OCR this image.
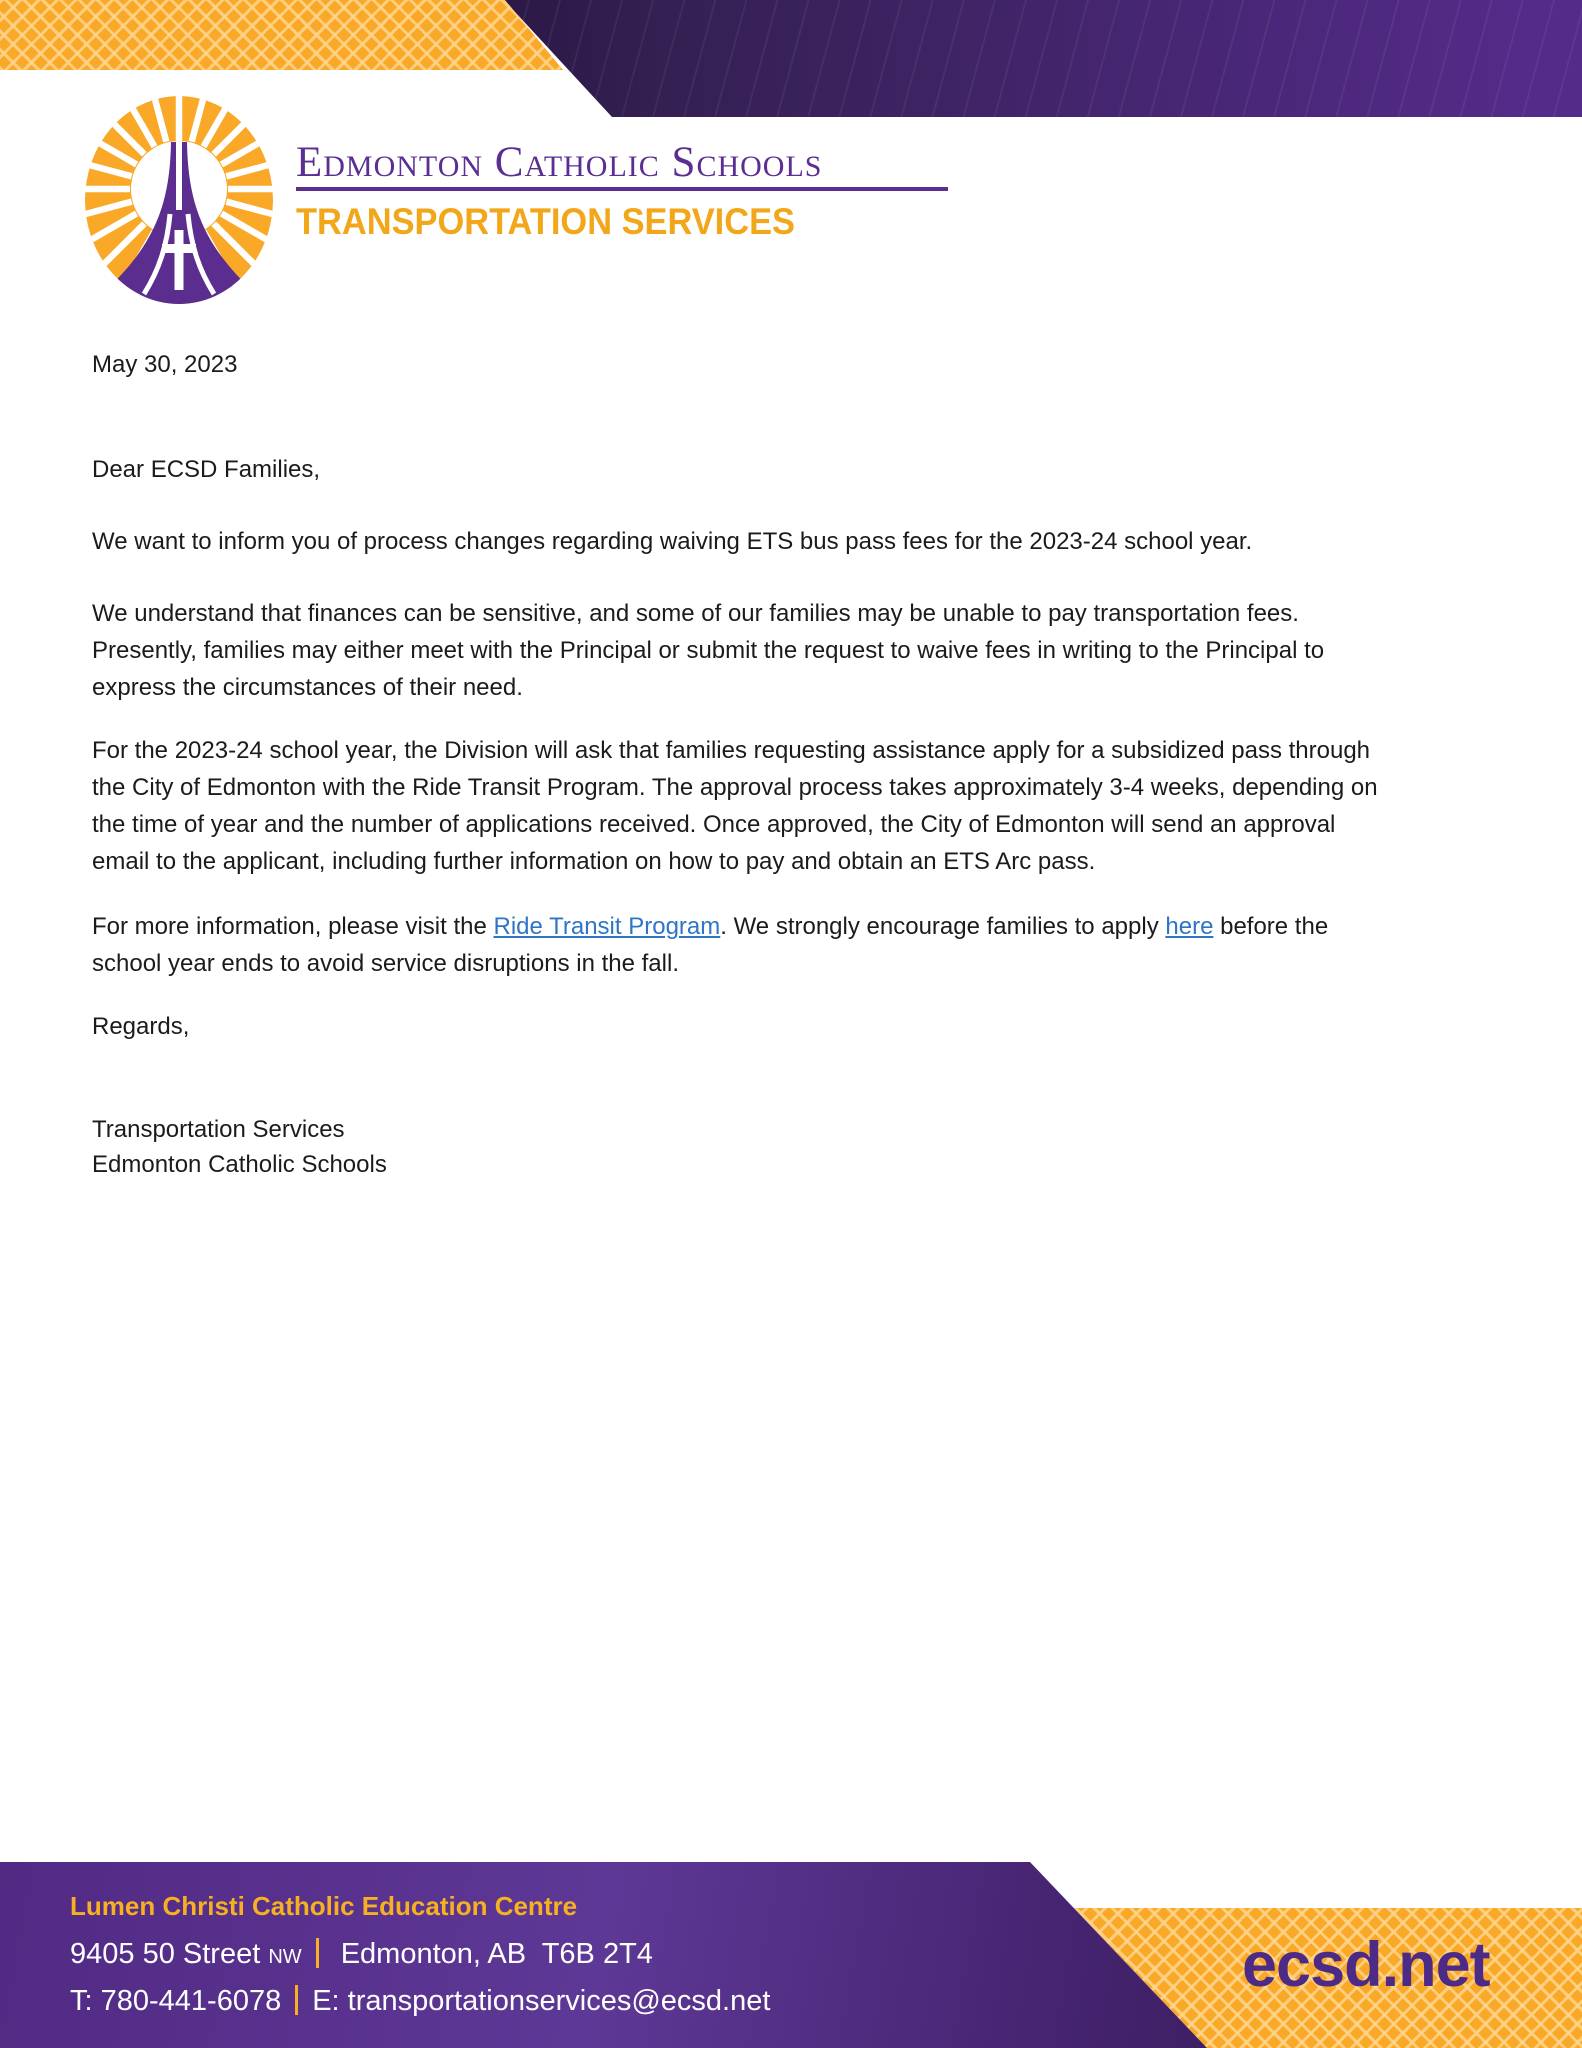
Edmonton Catholic Schools
TRANSPORTATION SERVICES
May 30, 2023
Dear ECSD Families,
We want to inform you of process changes regarding waiving ETS bus pass fees for the 2023-24 school year.
We understand that finances can be sensitive, and some of our families may be unable to pay transportation fees.
Presently, families may either meet with the Principal or submit the request to waive fees in writing to the Principal to
express the circumstances of their need.
For the 2023-24 school year, the Division will ask that families requesting assistance apply for a subsidized pass through
the City of Edmonton with the Ride Transit Program. The approval process takes approximately 3-4 weeks, depending on
the time of year and the number of applications received. Once approved, the City of Edmonton will send an approval
email to the applicant, including further information on how to pay and obtain an ETS Arc pass.
For more information, please visit the Ride Transit Program. We strongly encourage families to apply here before the
school year ends to avoid service disruptions in the fall.
Regards,
Transportation Services
Edmonton Catholic Schools
Lumen Christi Catholic Education Centre
9405 50 Street NW Edmonton, AB  T6B 2T4
T: 780-441-6078 E: transportationservices@ecsd.net
ecsd.net
